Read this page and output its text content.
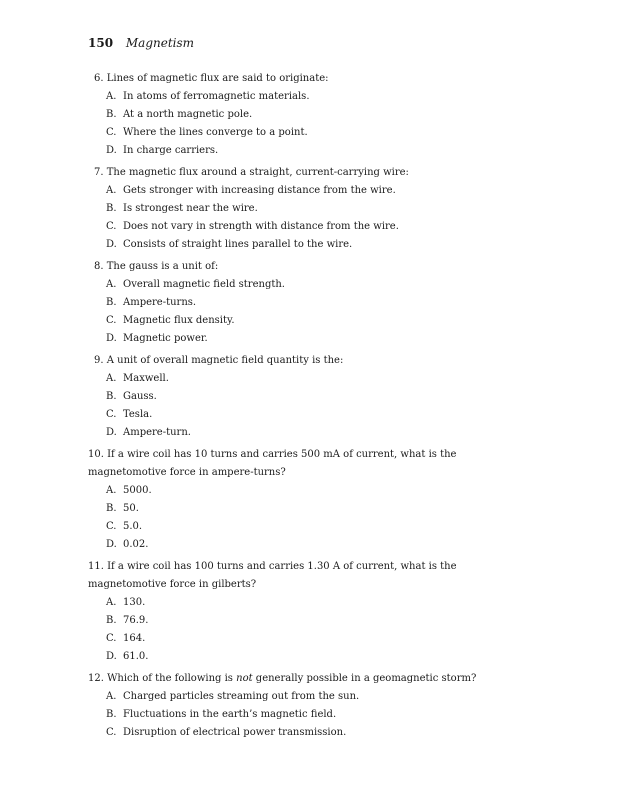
150 Magnetism

6. Lines of magnetic flux are said to originate:

A. In atoms of ferromagnetic materials.
B. At a north magnetic pole.
C. Where the lines converge to a point.
D. In charge carriers.

7. The magnetic flux around a straight, current-carrying wire:

A. Gets stronger with increasing distance from the wire.
B. Is strongest near the wire.
C. Does not vary in strength with distance from the wire.
D. Consists of straight lines parallel to the wire.

8. The gauss is a unit of:

A. Overall magnetic field strength.
B. Ampere-turns.
C. Magnetic flux density.
D. Magnetic power.

9. A unit of overall magnetic field quantity is the:

A. Maxwell.
B. Gauss.
C. Tesla.
D. Ampere-turn.

10. If a wire coil has 10 turns and carries 500 mA of current, what is the
magnetomotive force in ampere-turns?

A. 5000.
B. 50.
C. 5.0.
D. 0.02.

11. If a wire coil has 100 turns and carries 1.30 A of current, what is the
magnetomotive force in gilberts?

A. 130.
B. 76.9.
C. 164.
D. 61.0.

12. Which of the following is not generally possible in a geomagnetic storm?

A. Charged particles streaming out from the sun.
B. Fluctuations in the earth’s magnetic field.
C. Disruption of electrical power transmission.
